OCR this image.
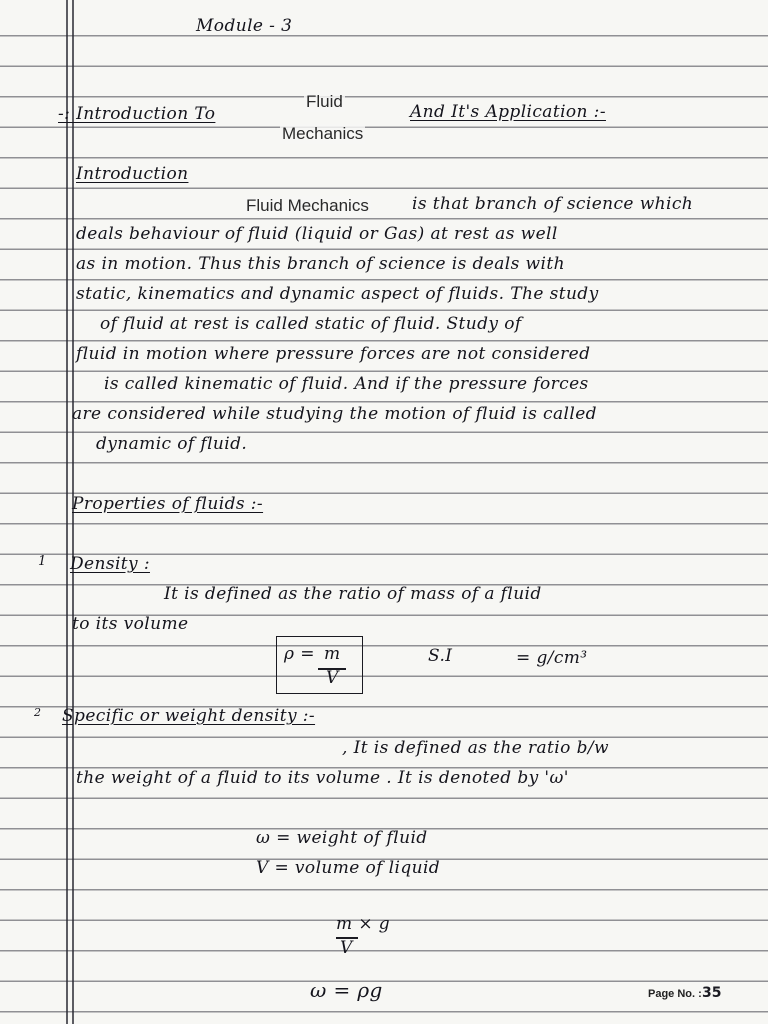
Module - 3
-: Introduction To
Fluid
Mechanics
And It's Application :-
Introduction
Fluid Mechanics	is that branch of science which
deals behaviour of fluid (liquid or Gas) at rest as well
as in motion. Thus this branch of science is deals with
static, kinematics and dynamic aspect of fluids. The study
of fluid at rest is called static of fluid. Study of
fluid in motion where pressure forces are not considered
is called kinematic of fluid. And if the pressure forces
are considered while studying the motion of fluid is called
dynamic of fluid.
Properties of fluids :-
1 Density :
It is defined as the ratio of mass of a fluid
to its volume
ρ = m
V
S.I	= g/cm³
2 Specific or weight density :-
, It is defined as the ratio b/w
the weight of a fluid to its volume . It is denoted by 'ω'
ω = weight of fluid
V = volume of liquid
m × g
V
ω = ρg	Page No. : 35
